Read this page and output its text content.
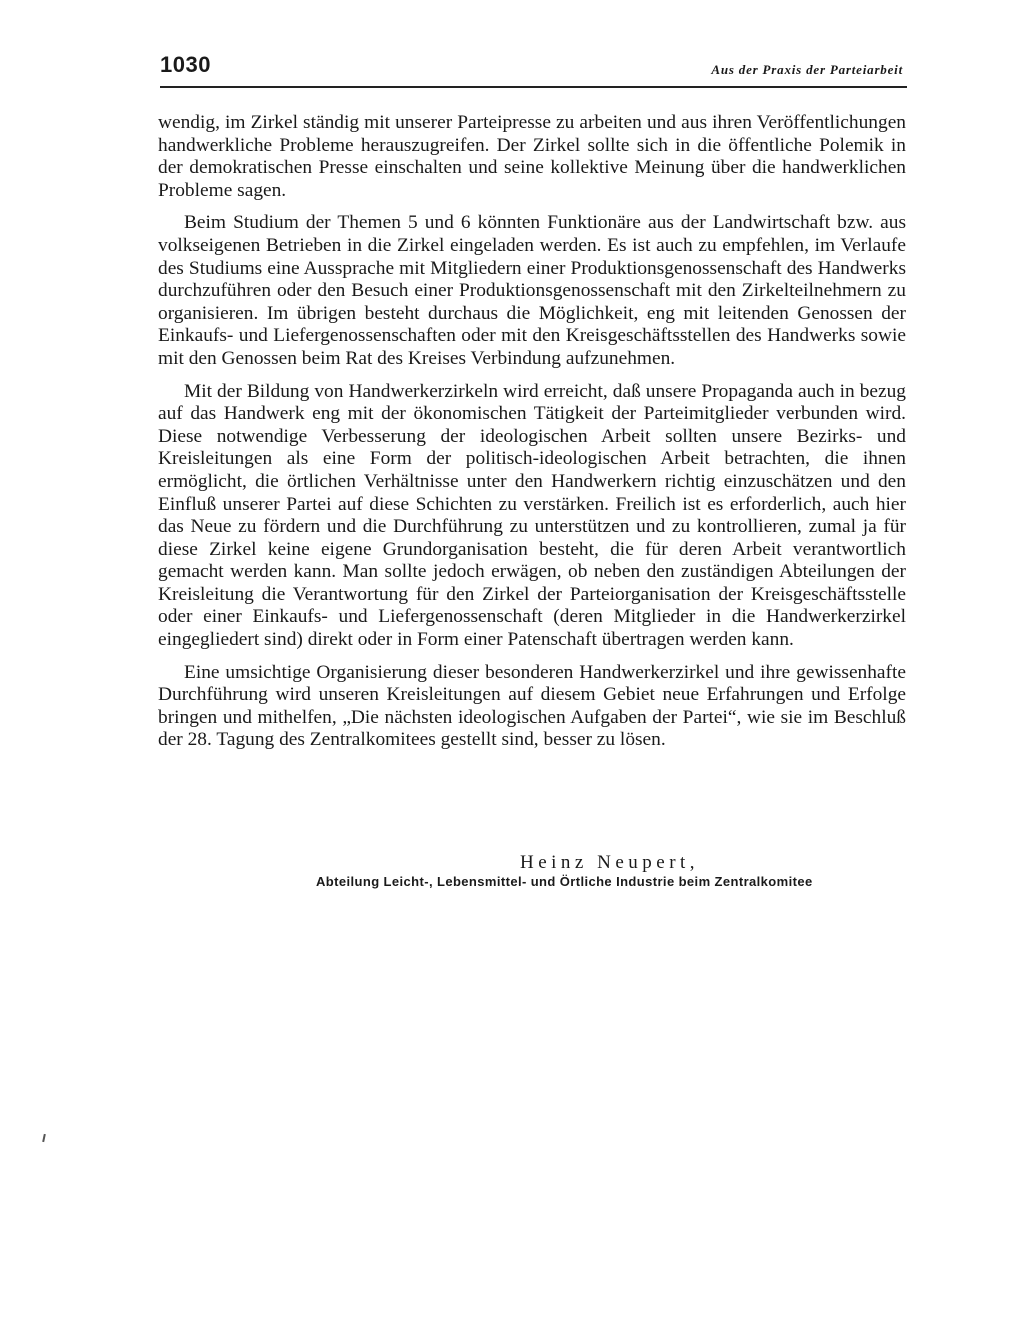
1030	Aus der Praxis der Parteiarbeit

wendig, im Zirkel ständig mit unserer Parteipresse zu arbeiten und aus ihren Veröffentlichungen handwerkliche Probleme herauszugreifen. Der Zirkel sollte sich in die öffentliche Polemik in der demokratischen Presse einschalten und seine kollektive Meinung über die handwerklichen Probleme sagen.

Beim Studium der Themen 5 und 6 könnten Funktionäre aus der Landwirtschaft bzw. aus volkseigenen Betrieben in die Zirkel eingeladen werden. Es ist auch zu empfehlen, im Verlaufe des Studiums eine Aussprache mit Mitgliedern einer Produktionsgenossenschaft des Handwerks durchzuführen oder den Besuch einer Produktionsgenossenschaft mit den Zirkelteilnehmern zu organisieren. Im übrigen besteht durchaus die Möglichkeit, eng mit leitenden Genossen der Einkaufs- und Liefergenossenschaften oder mit den Kreisgeschäftsstellen des Handwerks sowie mit den Genossen beim Rat des Kreises Verbindung aufzunehmen.

Mit der Bildung von Handwerkerzirkeln wird erreicht, daß unsere Propaganda auch in bezug auf das Handwerk eng mit der ökonomischen Tätigkeit der Parteimitglieder verbunden wird. Diese notwendige Verbesserung der ideologischen Arbeit sollten unsere Bezirks- und Kreisleitungen als eine Form der politisch-ideologischen Arbeit betrachten, die ihnen ermöglicht, die örtlichen Verhältnisse unter den Handwerkern richtig einzuschätzen und den Einfluß unserer Partei auf diese Schichten zu verstärken. Freilich ist es erforderlich, auch hier das Neue zu fördern und die Durchführung zu unterstützen und zu kontrollieren, zumal ja für diese Zirkel keine eigene Grundorganisation besteht, die für deren Arbeit verantwortlich gemacht werden kann. Man sollte jedoch erwägen, ob neben den zuständigen Abteilungen der Kreisleitung die Verantwortung für den Zirkel der Parteiorganisation der Kreisgeschäftsstelle oder einer Einkaufs- und Liefergenossenschaft (deren Mitglieder in die Handwerkerzirkel eingegliedert sind) direkt oder in Form einer Patenschaft übertragen werden kann.

Eine umsichtige Organisierung dieser besonderen Handwerkerzirkel und ihre gewissenhafte Durchführung wird unseren Kreisleitungen auf diesem Gebiet neue Erfahrungen und Erfolge bringen und mithelfen, „Die nächsten ideologischen Aufgaben der Partei“, wie sie im Beschluß der 28. Tagung des Zentralkomitees gestellt sind, besser zu lösen.

Heinz Neupert,
Abteilung Leicht-, Lebensmittel- und Örtliche Industrie beim Zentralkomitee
